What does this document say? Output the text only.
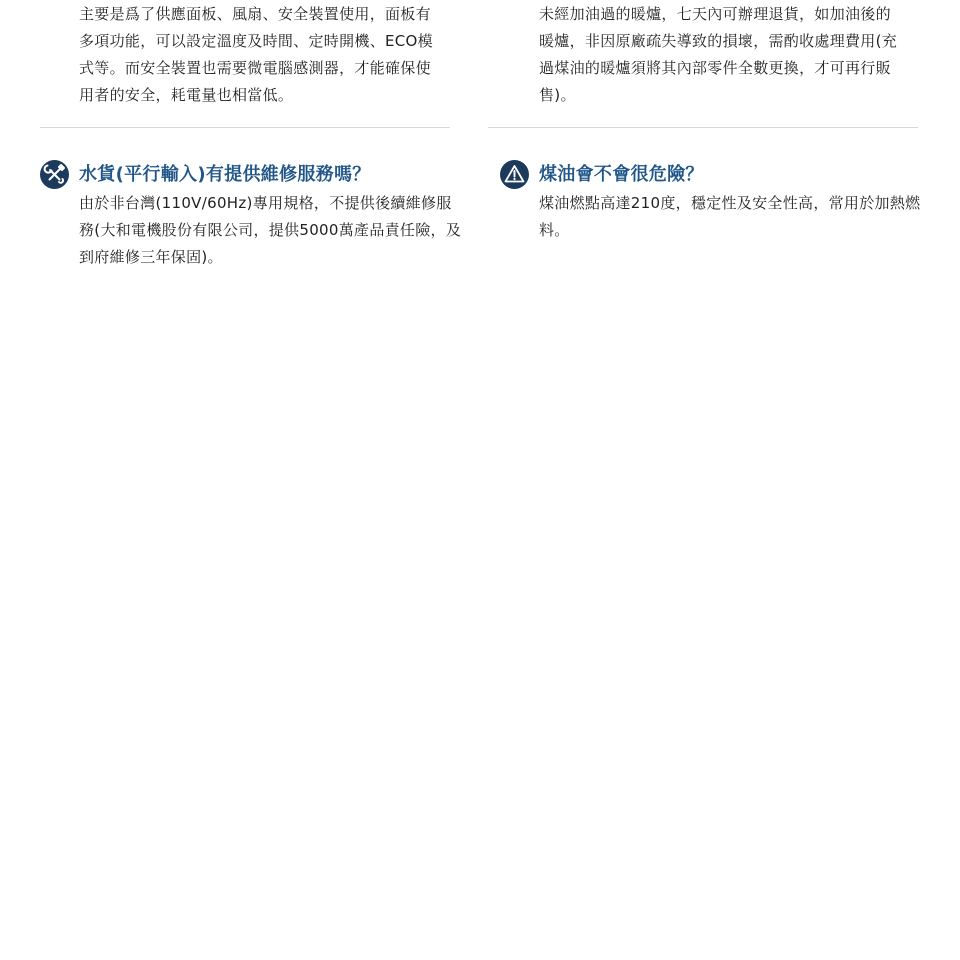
主要是爲了供應面板、風扇、安全裝置使用，面板有
多項功能，可以設定溫度及時間、定時開機、ECO模
式等。而安全裝置也需要微電腦感測器，才能確保使
用者的安全，耗電量也相當低。

水貨(平行輸入)有提供維修服務嗎？

由於非台灣(110V/60Hz)專用規格，不提供後續維修服
務(大和電機股份有限公司，提供5000萬產品責任險，及
到府維修三年保固)。

未經加油過的暖爐，七天內可辦理退貨，如加油後的
暖爐，非因原廠疏失導致的損壞，需酌收處理費用(充
過煤油的暖爐須將其內部零件全數更換，才可再行販
售)。

煤油會不會很危險？

煤油燃點高達210度，穩定性及安全性高，常用於加熱燃
料。
